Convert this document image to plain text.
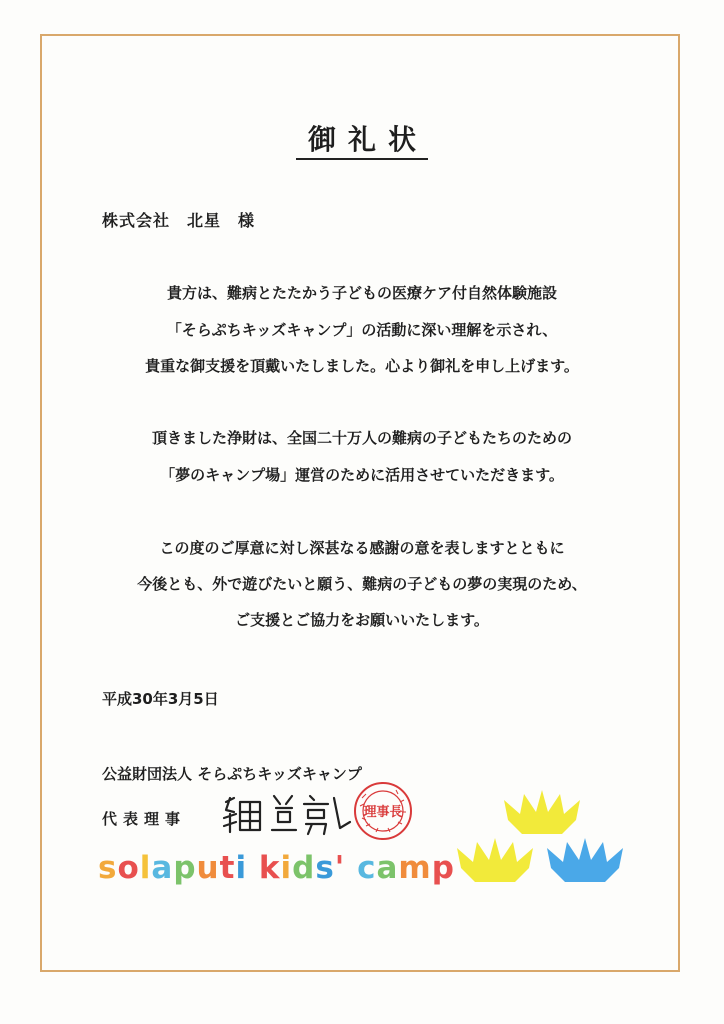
御礼状
株式会社　北星　様
貴方は、難病とたたかう子どもの医療ケア付自然体験施設
「そらぷちキッズキャンプ」の活動に深い理解を示され、
貴重な御支援を頂戴いたしました。心より御礼を申し上げます。
頂きました浄財は、全国二十万人の難病の子どもたちのための
「夢のキャンプ場」運営のために活用させていただきます。
この度のご厚意に対し深甚なる感謝の意を表しますとともに
今後とも、外で遊びたいと願う、難病の子どもの夢の実現のため、
ご支援とご協力をお願いいたします。
平成30年3月5日
公益財団法人 そらぷちキッズキャンプ
代表理事	理事長
solaputi kids' camp
